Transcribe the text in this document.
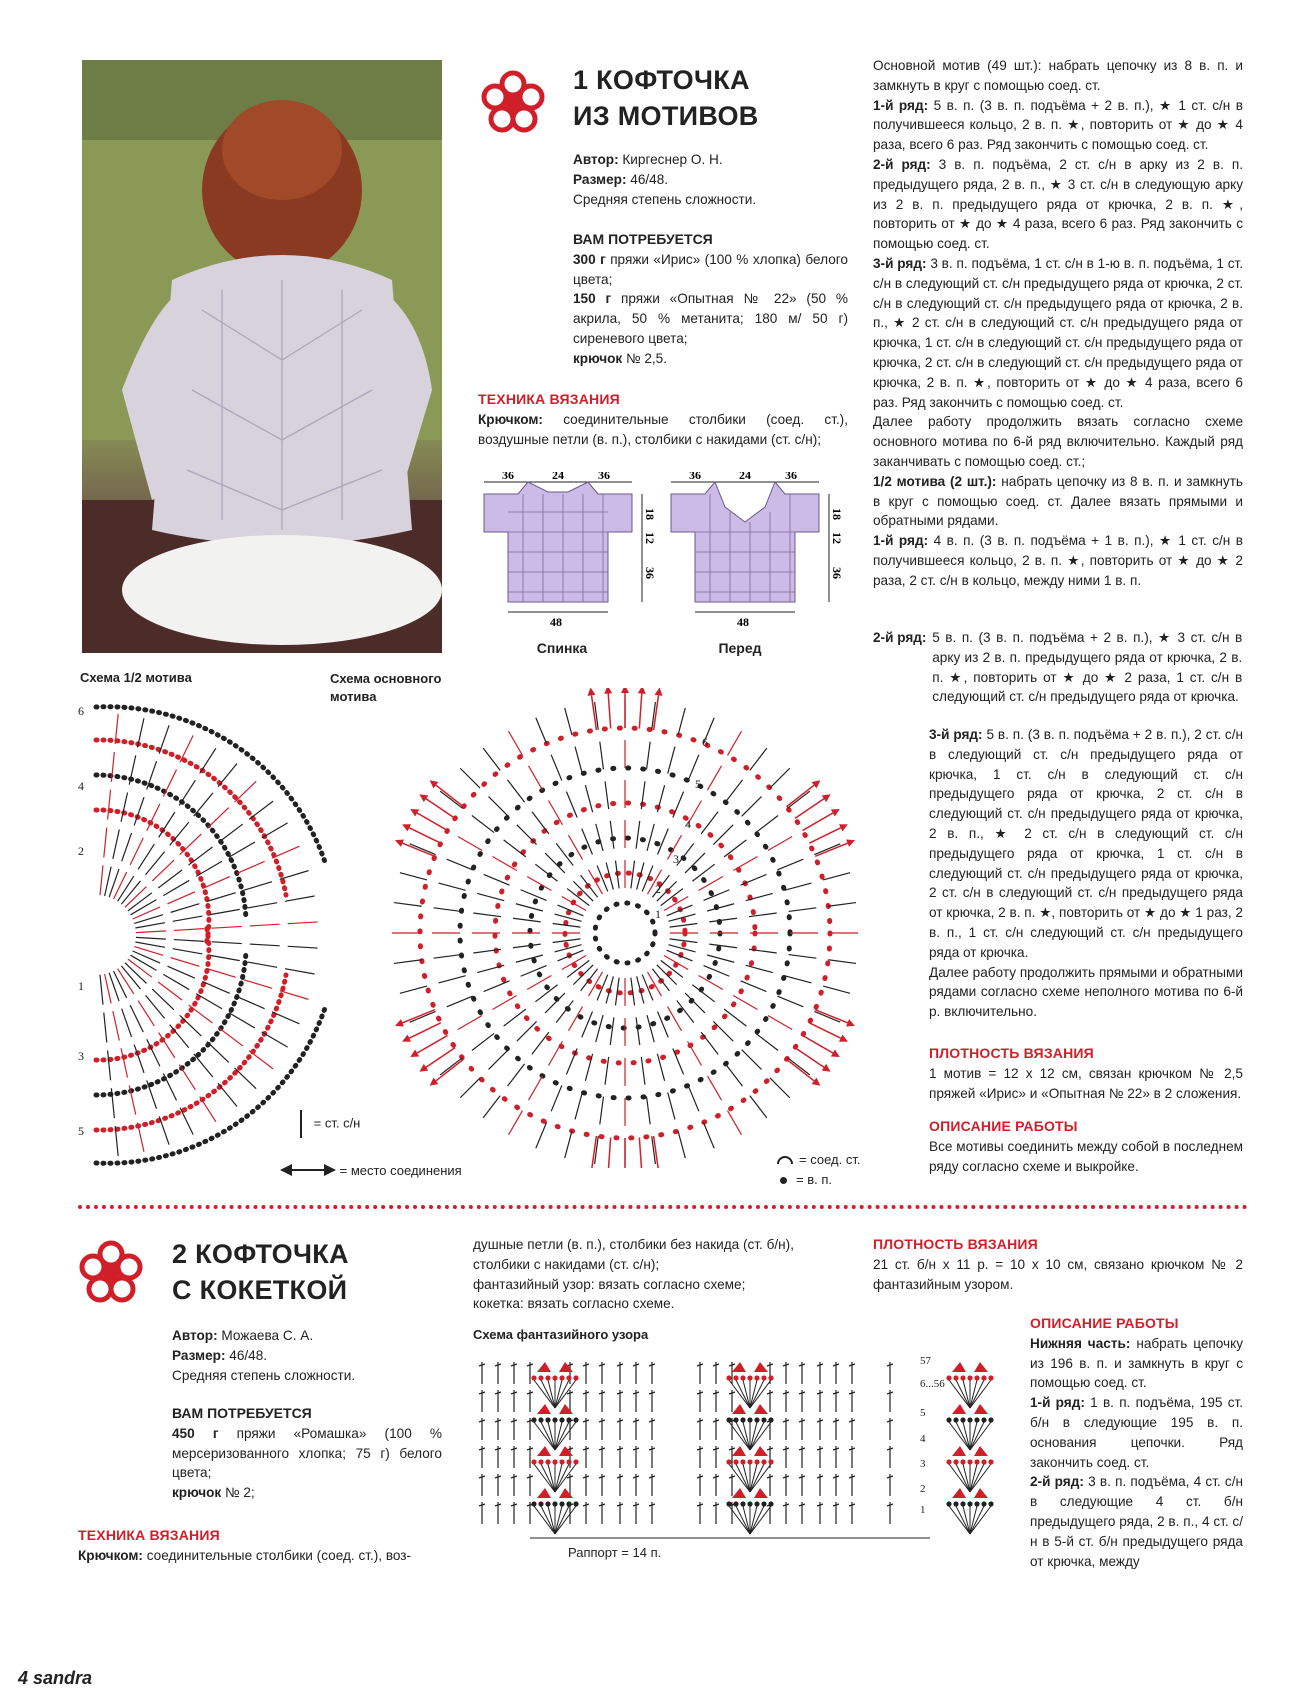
1 КОФТОЧКА
ИЗ МОТИВОВ
Автор: Киргеснер О. Н.
Размер: 46/48.
Средняя степень сложности.
ВАМ ПОТРЕБУЕТСЯ
300 г пряжи «Ирис» (100 % хлопка) белого цвета;
150 г пряжи «Опытная № 22» (50 % акрила, 50 % метанита; 180 м/ 50 г) сиреневого цвета;
крючок № 2,5.
ТЕХНИКА ВЯЗАНИЯ
Крючком: соединительные столбики (соед. ст.), воздушные петли (в. п.), столбики с накидами (ст. с/н);
36	24	36
48
18
12
36
Спинка
36	24	36
48
18
12
36
Перед
Основной мотив (49 шт.): набрать цепочку из 8 в. п. и замкнуть в круг с помощью соед. ст.
1-й ряд: 5 в. п. (3 в. п. подъёма + 2 в. п.), ★ 1 ст. с/н в получившееся кольцо, 2 в. п. ★, повторить от ★ до ★ 4 раза, всего 6 раз. Ряд закончить с помощью соед. ст.
2-й ряд: 3 в. п. подъёма, 2 ст. с/н в арку из 2 в. п. предыдущего ряда, 2 в. п., ★ 3 ст. с/н в следующую арку из 2 в. п. предыдущего ряда от крючка, 2 в. п. ★, повторить от ★ до ★ 4 раза, всего 6 раз. Ряд закончить с помощью соед. ст.
3-й ряд: 3 в. п. подъёма, 1 ст. с/н в 1-ю в. п. подъёма, 1 ст. с/н в следующий ст. с/н предыдущего ряда от крючка, 2 ст. с/н в следующий ст. с/н предыдущего ряда от крючка, 2 в. п., ★ 2 ст. с/н в следующий ст. с/н предыдущего ряда от крючка, 1 ст. с/н в следующий ст. с/н предыдущего ряда от крючка, 2 ст. с/н в следующий ст. с/н предыдущего ряда от крючка, 2 в. п. ★, повторить от ★ до ★ 4 раза, всего 6 раз. Ряд закончить с помощью соед. ст.
Далее работу продолжить вязать согласно схеме основного мотива по 6-й ряд включительно. Каждый ряд заканчивать с помощью соед. ст.;
1/2 мотива (2 шт.): набрать цепочку из 8 в. п. и замкнуть в круг с помощью соед. ст. Далее вязать прямыми и обратными рядами.
1-й ряд: 4 в. п. (3 в. п. подъёма + 1 в. п.), ★ 1 ст. с/н в получившееся кольцо, 2 в. п. ★, повторить от ★ до ★ 2 раза, 2 ст. с/н в кольцо, между ними 1 в. п.
2-й ряд: 5 в. п. (3 в. п. подъёма + 2 в. п.), ★ 3 ст. с/н в арку из 2 в. п. предыдущего ряда от крючка, 2 в. п. ★, повторить от ★ до ★ 2 раза, 1 ст. с/н в следующий ст. с/н предыдущего ряда от крючка.
3-й ряд: 5 в. п. (3 в. п. подъёма + 2 в. п.), 2 ст. с/н в следующий ст. с/н предыдущего ряда от крючка, 1 ст. с/н в следующий ст. с/н предыдущего ряда от крючка, 2 ст. с/н в следующий ст. с/н предыдущего ряда от крючка, 2 в. п., ★ 2 ст. с/н в следующий ст. с/н предыдущего ряда от крючка, 1 ст. с/н в следующий ст. с/н предыдущего ряда от крючка, 2 ст. с/н в следующий ст. с/н предыдущего ряда от крючка, 2 в. п. ★, повторить от ★ до ★ 1 раз, 2 в. п., 1 ст. с/н следующий ст. с/н предыдущего ряда от крючка.
Далее работу продолжить прямыми и обратными рядами согласно схеме неполного мотива по 6-й р. включительно.
ПЛОТНОСТЬ ВЯЗАНИЯ
1 мотив = 12 х 12 см, связан крючком № 2,5 пряжей «Ирис» и «Опытная № 22» в 2 сложения.
ОПИСАНИЕ РАБОТЫ
Все мотивы соединить между собой в последнем ряду согласно схеме и выкройке.
Схема 1/2 мотива	Схема основного
мотива
6
4
2
1
3
5
6
5
4
3
2
1
= ст. с/н
= место соединения
= соед. ст.
= в. п.
2 КОФТОЧКА
С КОКЕТКОЙ
Автор: Можаева С. А.
Размер: 46/48.
Средняя степень сложности.
ВАМ ПОТРЕБУЕТСЯ
450 г пряжи «Ромашка» (100 % мерсеризованного хлопка; 75 г) белого цвета;
крючок № 2;
ТЕХНИКА ВЯЗАНИЯ
Крючком: соединительные столбики (соед. ст.), воз-
душные петли (в. п.), столбики без накида (ст. б/н), столбики с накидами (ст. с/н);
фантазийный узор: вязать согласно схеме;
кокетка: вязать согласно схеме.
Схема фантазийного узора
57
6...56
5
4
3
2
1
Раппорт = 14 п.
ПЛОТНОСТЬ ВЯЗАНИЯ
21 ст. б/н х 11 р. = 10 х 10 см, связано крючком № 2 фантазийным узором.
ОПИСАНИЕ РАБОТЫ
Нижняя часть: набрать цепочку из 196 в. п. и замкнуть в круг с помощью соед. ст.
1-й ряд: 1 в. п. подъёма, 195 ст. б/н в следующие 195 в. п. основания цепочки. Ряд закончить соед. ст.
2-й ряд: 3 в. п. подъёма, 4 ст. с/н в следующие 4 ст. б/н предыдущего ряда, 2 в. п., 4 ст. с/н в 5-й ст. б/н предыдущего ряда от крючка, между
4 sandra
